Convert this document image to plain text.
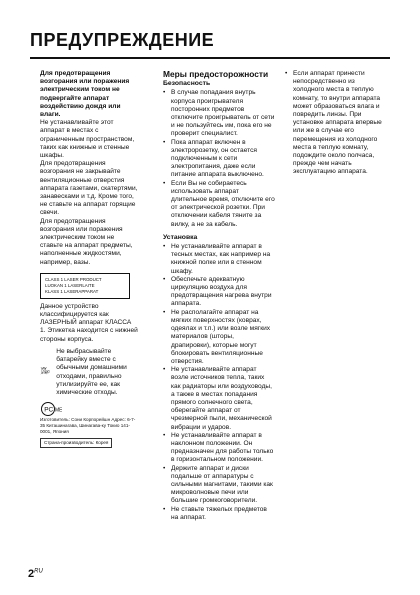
ПРЕДУПРЕЖДЕНИЕ

Для предотвращения возгорания или поражения электрическим током не подвергайте аппарат воздействию дождя или влаги.

Не устанавливайте этот аппарат в местах с ограниченным пространством, таких как книжные и стенные шкафы.

Для предотвращения возгорания не закрывайте вентиляционные отверстия аппарата газетами, скатертями, занавесками и т.д. Кроме того, не ставьте на аппарат горящие свечи.

Для предотвращения возгорания или поражения электрическим током не ставьте на аппарат предметы, наполненные жидкостями, например, вазы.

CLASS 1 LASER PRODUCT
LUOKAN 1 LASERLAITE
KLASS 1 LASERAPPARAT

Данное устройство классифицируется как ЛАЗЕРНЫЙ аппарат КЛАССА 1. Этикетка находится с нижней стороны корпуса.

NL
Не выбрасывайте батарейку вместе с обычными домашними отходами, правильно утилизируйте ее, как химические отходы.
PC ME

Изготовитель: Сони Корпорейшн Адрес: 6-7-35 Киташинагава, Шинагава-ку Токио 141-0001, Япония

Страна-производитель: Корея
Меры предосторожности
Безопасность
• В случае попадания внутрь корпуса проигрывателя посторонних предметов отключите проигрыватель от сети и не пользуйтесь им, пока его не проверит специалист.
• Пока аппарат включен в электророзетку, он остается подключенным к сети электропитания, даже если питание аппарата выключено.
• Если Вы не собираетесь использовать аппарат длительное время, отключите его от электрической розетки. При отключении кабеля тяните за вилку, а не за кабель.
Установка
• Не устанавливайте аппарат в тесных местах, как например на книжной полке или в стенном шкафу.
• Обеспечьте адекватную циркуляцию воздуха для предотвращения нагрева внутри аппарата.
• Не располагайте аппарат на мягких поверхностях (коврах, одеялах и т.п.) или возле мягких материалов (шторы, драпировки), которые могут блокировать вентиляционные отверстия.
• Не устанавливайте аппарат возле источников тепла, таких как радиаторы или воздуховоды, а также в местах попадания прямого солнечного света, оберегайте аппарат от чрезмерной пыли, механической вибрации и ударов.
• Не устанавливайте аппарат в наклонном положении. Он предназначен для работы только в горизонтальном положении.
• Держите аппарат и диски подальше от аппаратуры с сильными магнитами, такими как микроволновые печи или большие громкоговорители.
• Не ставьте тяжелых предметов на аппарат.
• Если аппарат принести непосредственно из холодного места в теплую комнату, то внутри аппарата может образоваться влага и повредить линзы. При установке аппарата впервые или же в случае его перемещения из холодного места в теплую комнату, подождите около полчаса, прежде чем начать эксплуатацию аппарата.
$2^{RU}$
